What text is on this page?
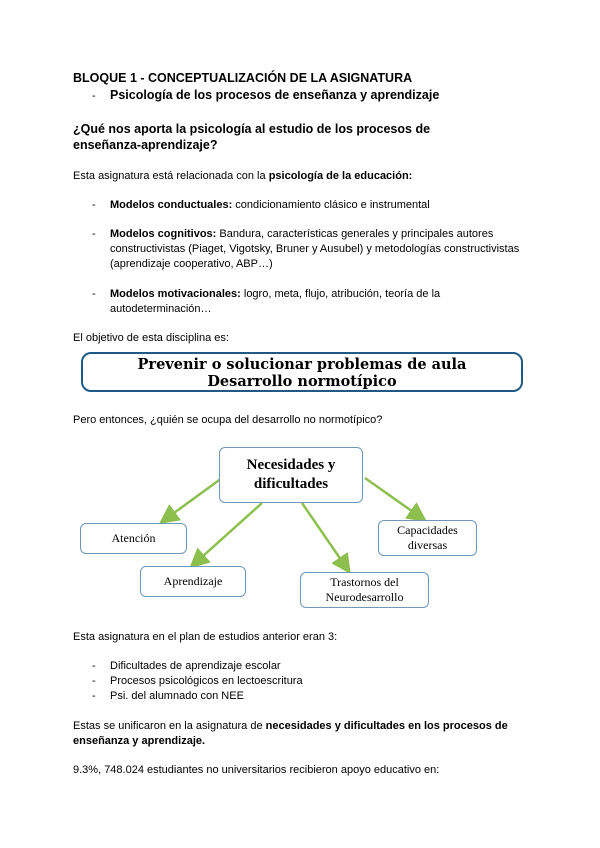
BLOQUE 1 - CONCEPTUALIZACIÓN DE LA ASIGNATURA
- Psicología de los procesos de enseñanza y aprendizaje
¿Qué nos aporta la psicología al estudio de los procesos de
enseñanza-aprendizaje?
Esta asignatura está relacionada con la psicología de la educación:
- Modelos conductuales: condicionamiento clásico e instrumental
- Modelos cognitivos: Bandura, características generales y principales autores
constructivistas (Piaget, Vigotsky, Bruner y Ausubel) y metodologías constructivistas
(aprendizaje cooperativo, ABP…)
- Modelos motivacionales: logro, meta, flujo, atribución, teoría de la
autodeterminación…
El objetivo de esta disciplina es:
Prevenir o solucionar problemas de aula
Desarrollo normotípico
Pero entonces, ¿quién se ocupa del desarrollo no normotípico?
Necesidades y
dificultades
Atención
Aprendizaje	Trastornos del
Neurodesarrollo
Capacidades
diversas
Esta asignatura en el plan de estudios anterior eran 3:
- Dificultades de aprendizaje escolar
- Procesos psicológicos en lectoescritura
- Psi. del alumnado con NEE
Estas se unificaron en la asignatura de necesidades y dificultades en los procesos de
enseñanza y aprendizaje.
9.3%, 748.024 estudiantes no universitarios recibieron apoyo educativo en:
